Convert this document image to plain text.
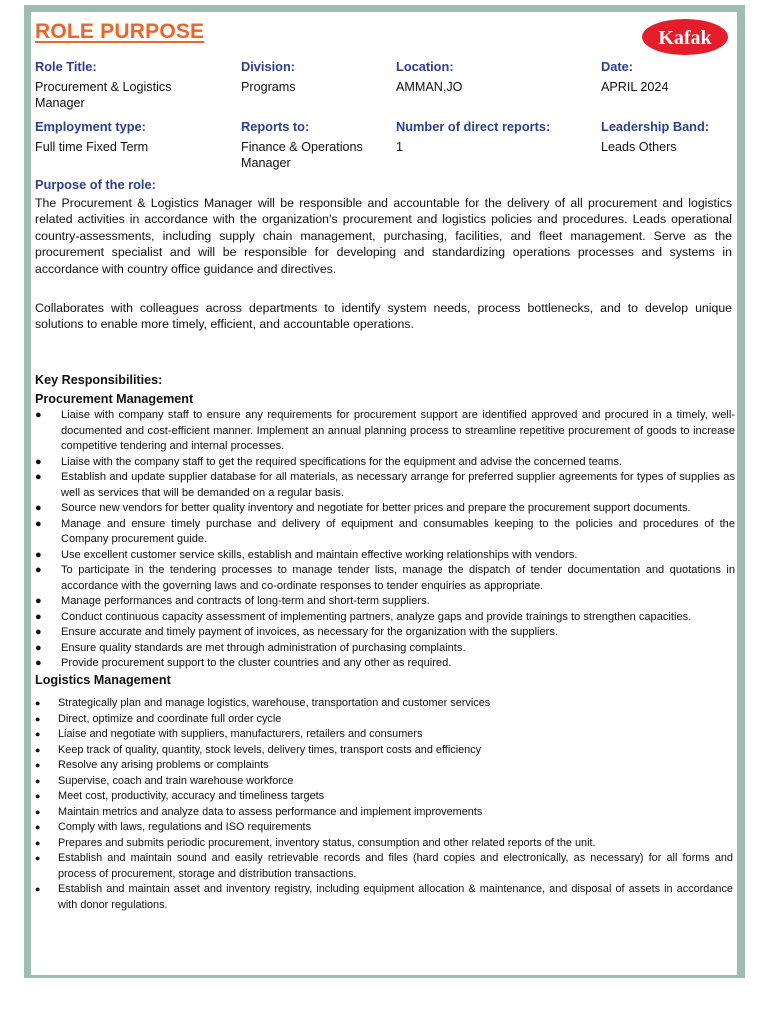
ROLE PURPOSE	Kafak
Role Title:
Procurement & Logistics Manager
Division:
Programs
Location:
AMMAN,JO
Date:
APRIL 2024
Employment type:
Full time Fixed Term
Reports to:
Finance & Operations Manager
Number of direct reports:
1
Leadership Band:
Leads Others
Purpose of the role:

The Procurement & Logistics Manager will be responsible and accountable for the delivery of all procurement and logistics related activities in accordance with the organization’s procurement and logistics policies and procedures. Leads operational country-assessments, including supply chain management, purchasing, facilities, and fleet management. Serve as the procurement specialist and will be responsible for developing and standardizing operations processes and systems in accordance with country office guidance and directives.

Collaborates with colleagues across departments to identify system needs, process bottlenecks, and to develop unique solutions to enable more timely, efficient, and accountable operations.

Key Responsibilities:
Procurement Management
● Liaise with company staff to ensure any requirements for procurement support are identified approved and procured in a timely, well-documented and cost-efficient manner. Implement an annual planning process to streamline repetitive procurement of goods to increase competitive tendering and internal processes.
● Liaise with the company staff to get the required specifications for the equipment and advise the concerned teams.
● Establish and update supplier database for all materials, as necessary arrange for preferred supplier agreements for types of supplies as well as services that will be demanded on a regular basis.
● Source new vendors for better quality inventory and negotiate for better prices and prepare the procurement support documents.
● Manage and ensure timely purchase and delivery of equipment and consumables keeping to the policies and procedures of the Company procurement guide.
● Use excellent customer service skills, establish and maintain effective working relationships with vendors.
● To participate in the tendering processes to manage tender lists, manage the dispatch of tender documentation and quotations in accordance with the governing laws and co-ordinate responses to tender enquiries as appropriate.
● Manage performances and contracts of long-term and short-term suppliers.
● Conduct continuous capacity assessment of implementing partners, analyze gaps and provide trainings to strengthen capacities.
● Ensure accurate and timely payment of invoices, as necessary for the organization with the suppliers.
● Ensure quality standards are met through administration of purchasing complaints.
● Provide procurement support to the cluster countries and any other as required.
Logistics Management
● Strategically plan and manage logistics, warehouse, transportation and customer services
● Direct, optimize and coordinate full order cycle
● Liaise and negotiate with suppliers, manufacturers, retailers and consumers
● Keep track of quality, quantity, stock levels, delivery times, transport costs and efficiency
● Resolve any arising problems or complaints
● Supervise, coach and train warehouse workforce
● Meet cost, productivity, accuracy and timeliness targets
● Maintain metrics and analyze data to assess performance and implement improvements
● Comply with laws, regulations and ISO requirements
● Prepares and submits periodic procurement, inventory status, consumption and other related reports of the unit.
● Establish and maintain sound and easily retrievable records and files (hard copies and electronically, as necessary) for all forms and process of procurement, storage and distribution transactions.
● Establish and maintain asset and inventory registry, including equipment allocation & maintenance, and disposal of assets in accordance with donor regulations.
